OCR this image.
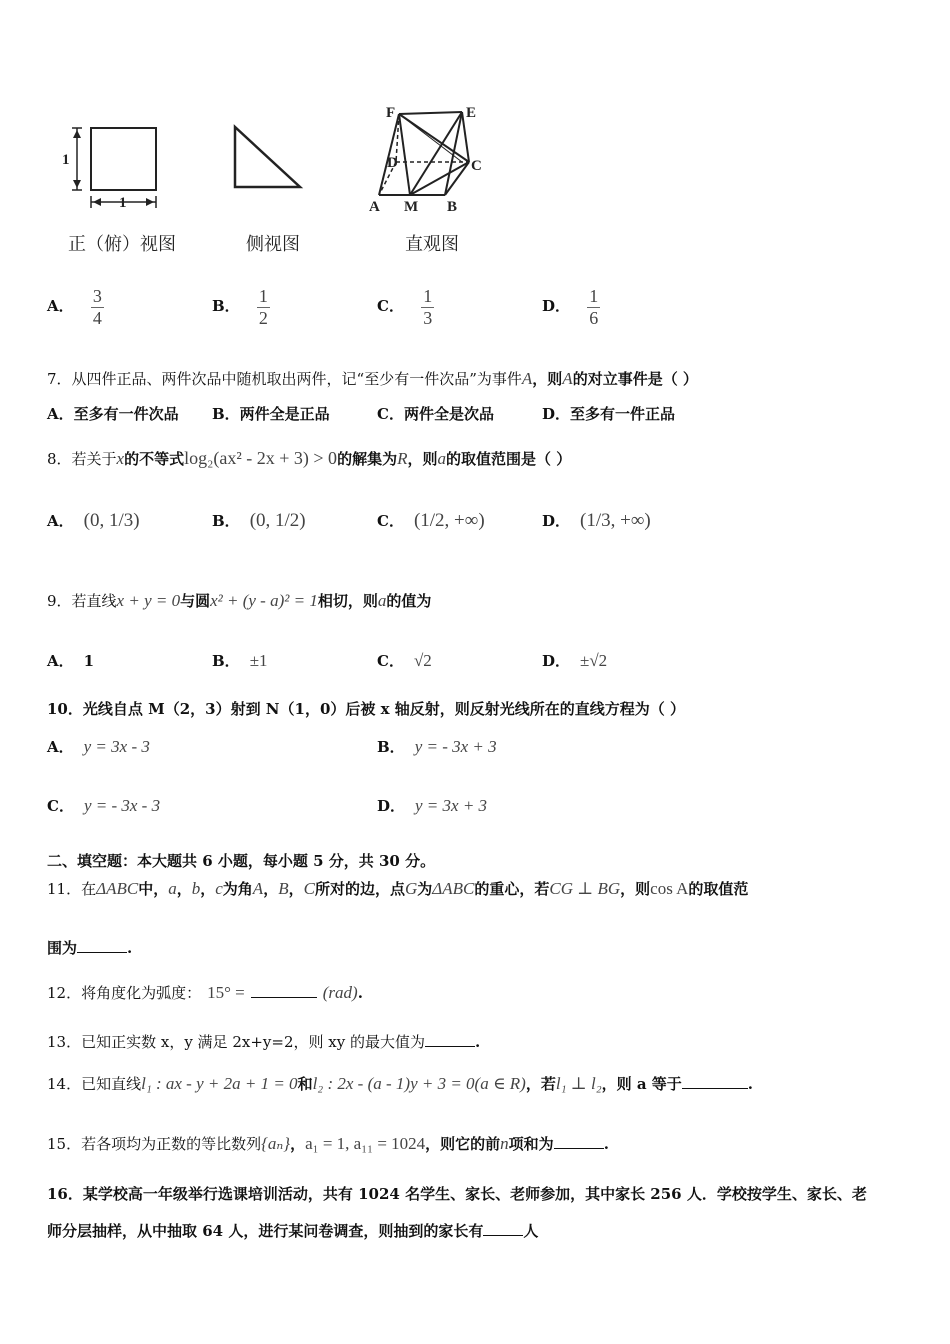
1
1
F	E
D	C
A M B
正（俯）视图	侧视图	直观图
A． $\frac{3}{4}$	B． $\frac{1}{2}$	C． $\frac{1}{3}$	D． $\frac{1}{6}$
7．从四件正品、两件次品中随机取出两件，记“至少有一件次品”为事件A，则A的对立事件是（ ）
A．至多有一件次品 B．两件全是正品	C．两件全是次品	D．至多有一件正品
8．若关于x的不等式log₂(ax² - 2x + 3) > 0的解集为R，则a的取值范围是（ ）
A． (0, 1/3)	B． (0, 1/2)	C． (1/2, +∞)	D． (1/3, +∞)
9．若直线x + y = 0与圆x² + (y - a)² = 1相切，则a的值为
A． 1	B． ±1	C． √2	D． ±√2
10．光线自点 M（2，3）射到 N（1，0）后被 x 轴反射，则反射光线所在的直线方程为（ ）
A． y = 3x - 3	B． y = - 3x + 3
C． y = - 3x - 3	D． y = 3x + 3
二、填空题：本大题共 6 小题，每小题 5 分，共 30 分。
11．在ΔABC中，a，b，c为角A，B，C所对的边，点G为ΔABC的重心，若CG ⊥ BG，则cos A的取值范
围为	.
12．将角度化为弧度： 15° =	(rad).
13．已知正实数 x，y 满足 2x+y=2，则 xy 的最大值为	.
14．已知直线l₁ : ax - y + 2a + 1 = 0和l₂ : 2x - (a - 1)y + 3 = 0(a ∈ R)，若l₁ ⊥ l₂，则 a 等于	.
15．若各项均为正数的等比数列{aₙ}，a₁ = 1, a₁₁ = 1024，则它的前n项和为	.
16．某学校高一年级举行选课培训活动，共有 1024 名学生、家长、老师参加，其中家长 256 人．学校按学生、家长、老
师分层抽样，从中抽取 64 人，进行某问卷调查，则抽到的家长有	人
